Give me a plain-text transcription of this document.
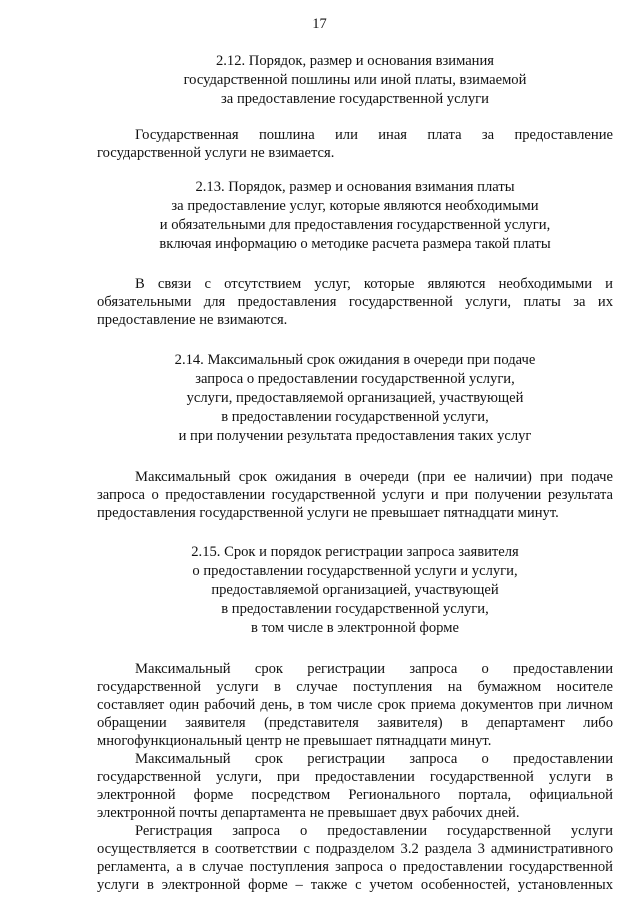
17
2.12. Порядок, размер и основания взимания
государственной пошлины или иной платы, взимаемой
за предоставление государственной услуги
Государственная пошлина или иная плата за предоставление
государственной услуги не взимается.
2.13. Порядок, размер и основания взимания платы
за предоставление услуг, которые являются необходимыми
и обязательными для предоставления государственной услуги,
включая информацию о методике расчета размера такой платы
В связи с отсутствием услуг, которые являются необходимыми и
обязательными для предоставления государственной услуги, платы за их
предоставление не взимаются.
2.14. Максимальный срок ожидания в очереди при подаче
запроса о предоставлении государственной услуги,
услуги, предоставляемой организацией, участвующей
в предоставлении государственной услуги,
и при получении результата предоставления таких услуг
Максимальный срок ожидания в очереди (при ее наличии) при подаче
запроса о предоставлении государственной услуги и при получении результата
предоставления государственной услуги не превышает пятнадцати минут.
2.15. Срок и порядок регистрации запроса заявителя
о предоставлении государственной услуги и услуги,
предоставляемой организацией, участвующей
в предоставлении государственной услуги,
в том числе в электронной форме
Максимальный срок регистрации запроса о предоставлении
государственной услуги в случае поступления на бумажном носителе
составляет один рабочий день, в том числе срок приема документов при личном
обращении заявителя (представителя заявителя) в департамент либо
многофункциональный центр не превышает пятнадцати минут.
Максимальный срок регистрации запроса о предоставлении
государственной услуги, при предоставлении государственной услуги в
электронной форме посредством Регионального портала, официальной
электронной почты департамента не превышает двух рабочих дней.
Регистрация запроса о предоставлении государственной услуги
осуществляется в соответствии с подразделом 3.2 раздела 3 административного
регламента, а в случае поступления запроса о предоставлении государственной
услуги в электронной форме – также с учетом особенностей, установленных
